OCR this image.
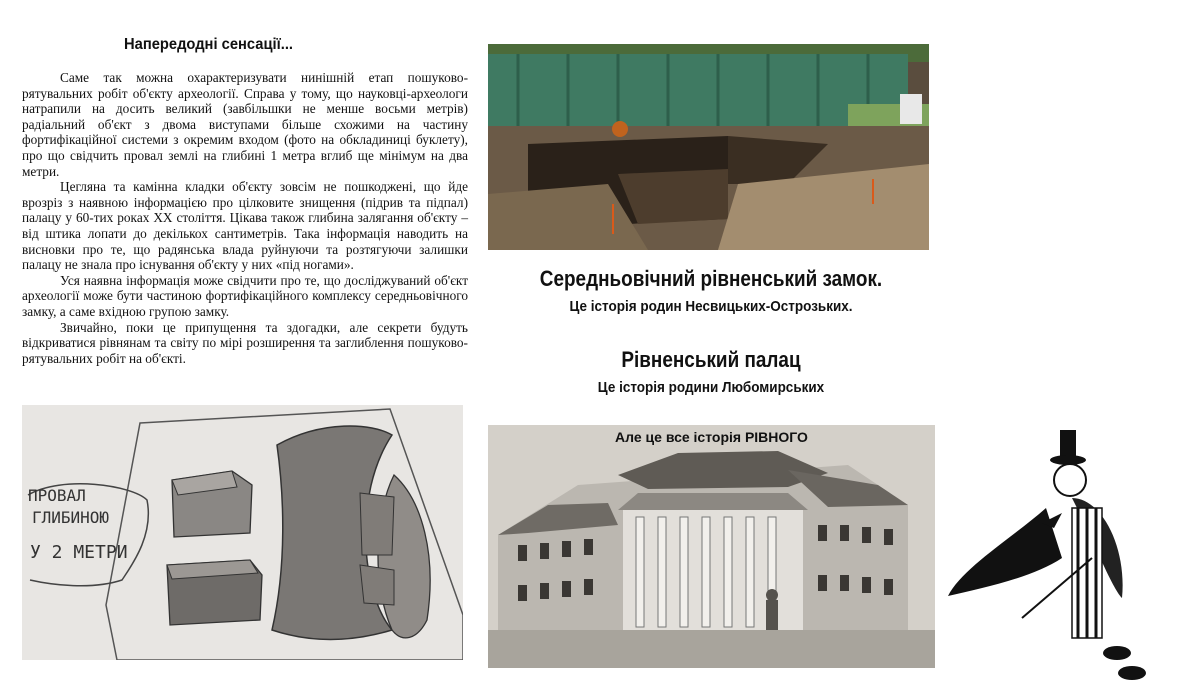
Напередодні сенсації...

Саме так можна охарактеризувати нинішній етап пошуково-рятувальних робіт об'єкту археології. Справа у тому, що науковці-археологи натрапили на досить великий (завбільшки не менше восьми метрів) радіальний об'єкт з двома виступами більше схожими на частину фортифікаційної системи з окремим входом (фото на обкладиниці буклету), про що свідчить провал землі на глибині 1 метра вглиб ще мінімум на два метри.

Цегляна та камінна кладки об'єкту зовсім не пошкоджені, що йде врозріз з наявною інформацією про цілковите знищення (підрив та підпал) палацу у 60-тих роках XX століття. Цікава також глибина залягання об'єкту – від штика лопати до декількох сантиметрів. Така інформація наводить на висновки про те, що радянська влада руйнуючи та розтягуючи залишки палацу не знала про існування об'єкту у них «під ногами».

Уся наявна інформація може свідчити про те, що досліджуваний об'єкт археології може бути частиною фортифікаційного комплексу середньовічного замку, а саме вхідною групою замку.

Звичайно, поки це припущення та здогадки, але секрети будуть відкриватися рівнянам та світу по мірі розширення та заглиблення пошуково-рятувальних робіт на об'єкті.

ПРОВАЛ
ГЛИБИНОЮ
У 2 МЕТРИ
Середньовічний рівненський замок.
Це історія родин Несвицьких-Острозьких.
Рівненський палац
Це історія родини Любомирських
Але це все історія РІВНОГО
